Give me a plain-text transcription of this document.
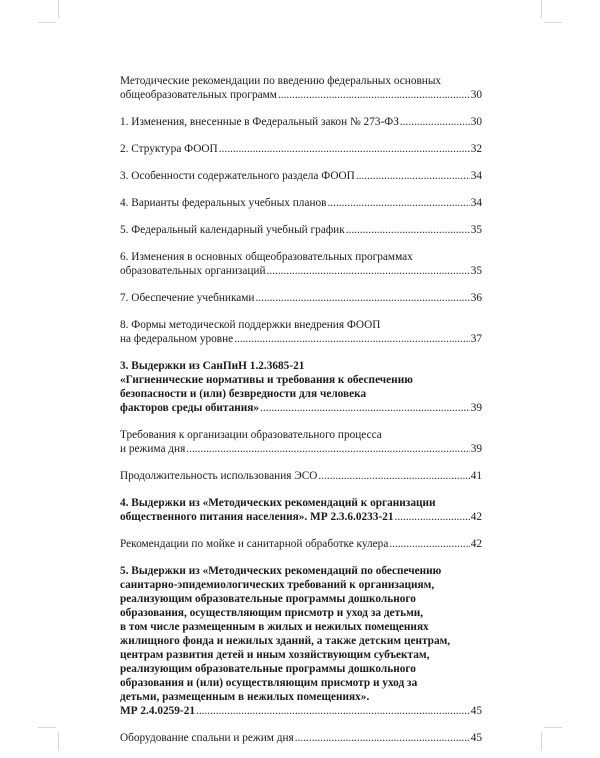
Методические рекомендации по введению федеральных основных
общеобразовательных программ .....	30
1. Изменения, внесенные в Федеральный закон № 273-ФЗ .....	30
2. Структура ФООП .....	32
3. Особенности содержательного раздела ФООП .....	34
4. Варианты федеральных учебных планов .....	34
5. Федеральный календарный учебный график .....	35
6. Изменения в основных общеобразовательных программах
образовательных организаций .....	35
7. Обеспечение учебниками .....	36
8. Формы методической поддержки внедрения ФООП
на федеральном уровне .....	37
3. Выдержки из СанПиН 1.2.3685-21
«Гигиенические нормативы и требования к обеспечению
безопасности и (или) безвредности для человека
факторов среды обитания» .....	39
Требования к организации образовательного процесса
и режима дня .....	39
Продолжительность использования ЭСО .....	41
4. Выдержки из «Методических рекомендаций к организации
общественного питания населения». МР 2.3.6.0233-21 .....	42
Рекомендации по мойке и санитарной обработке кулера .....	42
5. Выдержки из «Методических рекомендаций по обеспечению
санитарно-эпидемиологических требований к организациям,
реализующим образовательные программы дошкольного
образования, осуществляющим присмотр и уход за детьми,
в том числе размещенным в жилых и нежилых помещениях
жилищного фонда и нежилых зданий, а также детским центрам,
центрам развития детей и иным хозяйствующим субъектам,
реализующим образовательные программы дошкольного
образования и (или) осуществляющим присмотр и уход за
детьми, размещенным в нежилых помещениях».
МР 2.4.0259-21 .....	45
Оборудование спальни и режим дня .....	45
